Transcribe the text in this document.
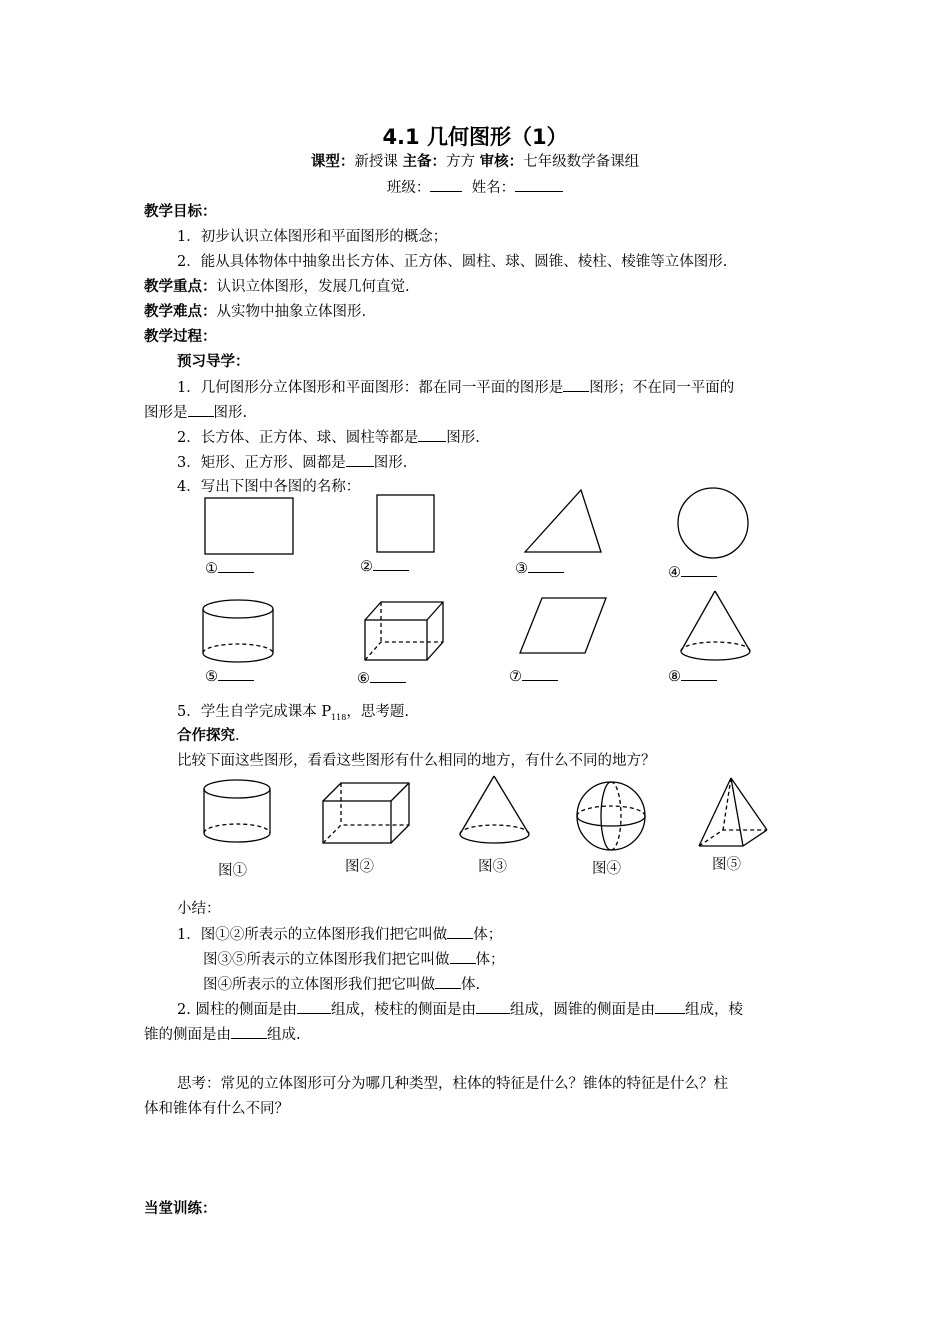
4.1 几何图形（1）
课型：新授课 主备：方方 审核：七年级数学备课组
班级：	姓名：
教学目标：
1．初步认识立体图形和平面图形的概念；
2．能从具体物体中抽象出长方体、正方体、圆柱、球、圆锥、棱柱、棱锥等立体图形.
教学重点：认识立体图形，发展几何直觉.
教学难点：从实物中抽象立体图形.
教学过程：
预习导学：
1．几何图形分立体图形和平面图形：都在同一平面的图形是 图形；不在同一平面的
图形是 图形.
2．长方体、正方体、球、圆柱等都是 图形.
3．矩形、正方形、圆都是 图形.
4．写出下图中各图的名称：
①	②	③	④
⑤	⑥	⑦	⑧
5．学生自学完成课本 $P_{118}$，思考题.
合作探究.
比较下面这些图形，看看这些图形有什么相同的地方，有什么不同的地方？
图①	图②	图③	图④	图⑤
小结：
1．图①②所表示的立体图形我们把它叫做 体；
图③⑤所表示的立体图形我们把它叫做 体；
图④所表示的立体图形我们把它叫做 体.
2. 圆柱的侧面是由 组成，棱柱的侧面是由 组成，圆锥的侧面是由 组成，棱
锥的侧面是由 组成.
思考：常见的立体图形可分为哪几种类型，柱体的特征是什么？锥体的特征是什么？柱
体和锥体有什么不同？
当堂训练：
